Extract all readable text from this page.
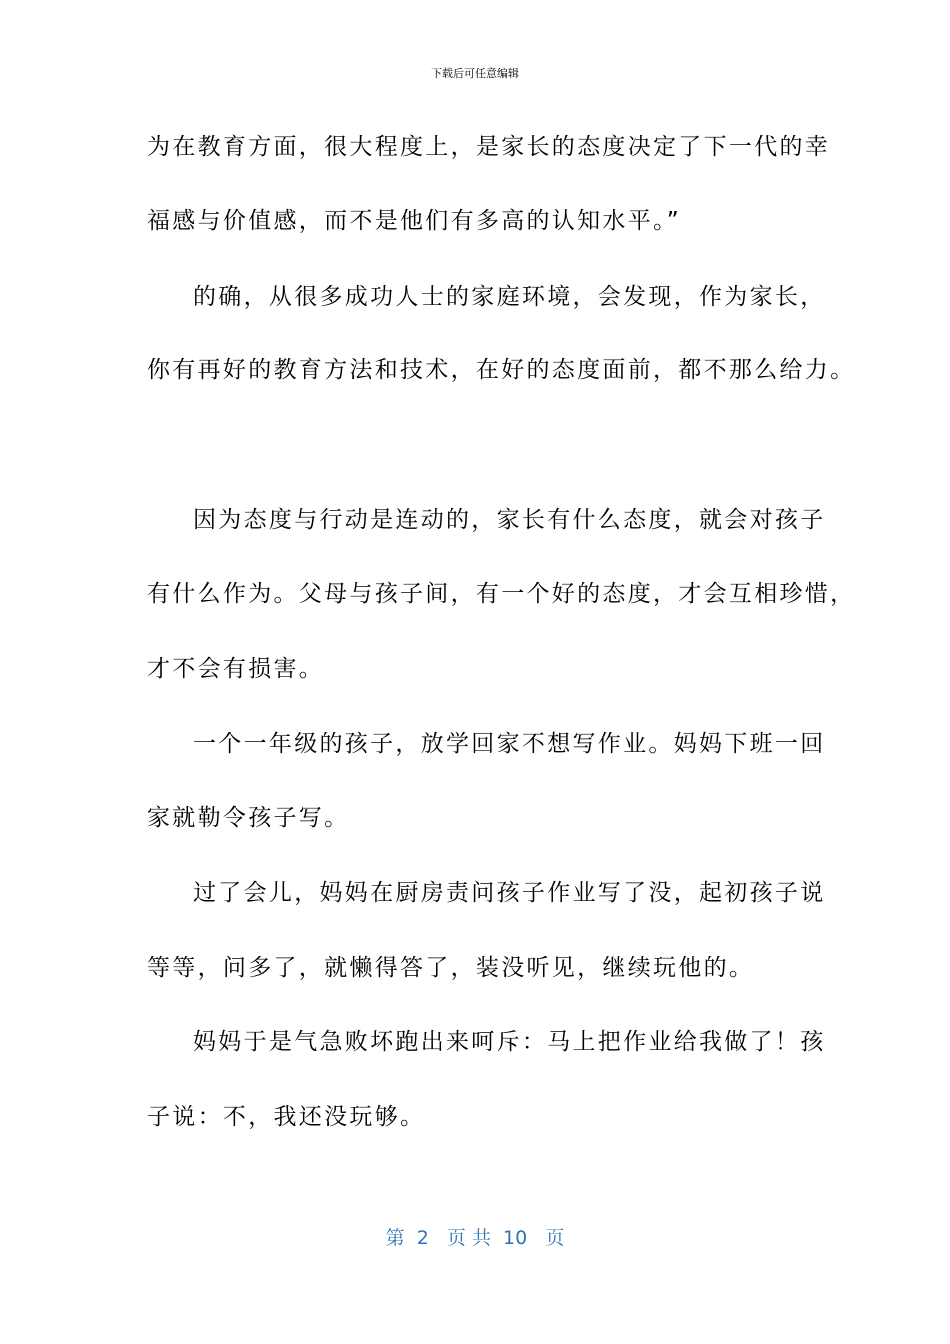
下载后可任意编辑
为在教育方面，很大程度上，是家长的态度决定了下一代的幸
福感与价值感，而不是他们有多高的认知水平。”
的确，从很多成功人士的家庭环境，会发现，作为家长，
你有再好的教育方法和技术，在好的态度面前，都不那么给力。
因为态度与行动是连动的，家长有什么态度，就会对孩子
有什么作为。父母与孩子间，有一个好的态度，才会互相珍惜，
才不会有损害。
一个一年级的孩子，放学回家不想写作业。妈妈下班一回
家就勒令孩子写。
过了会儿，妈妈在厨房责问孩子作业写了没，起初孩子说
等等，问多了，就懒得答了，装没听见，继续玩他的。
妈妈于是气急败坏跑出来呵斥：马上把作业给我做了！孩
子说：不，我还没玩够。
第  2   页 共  10   页
